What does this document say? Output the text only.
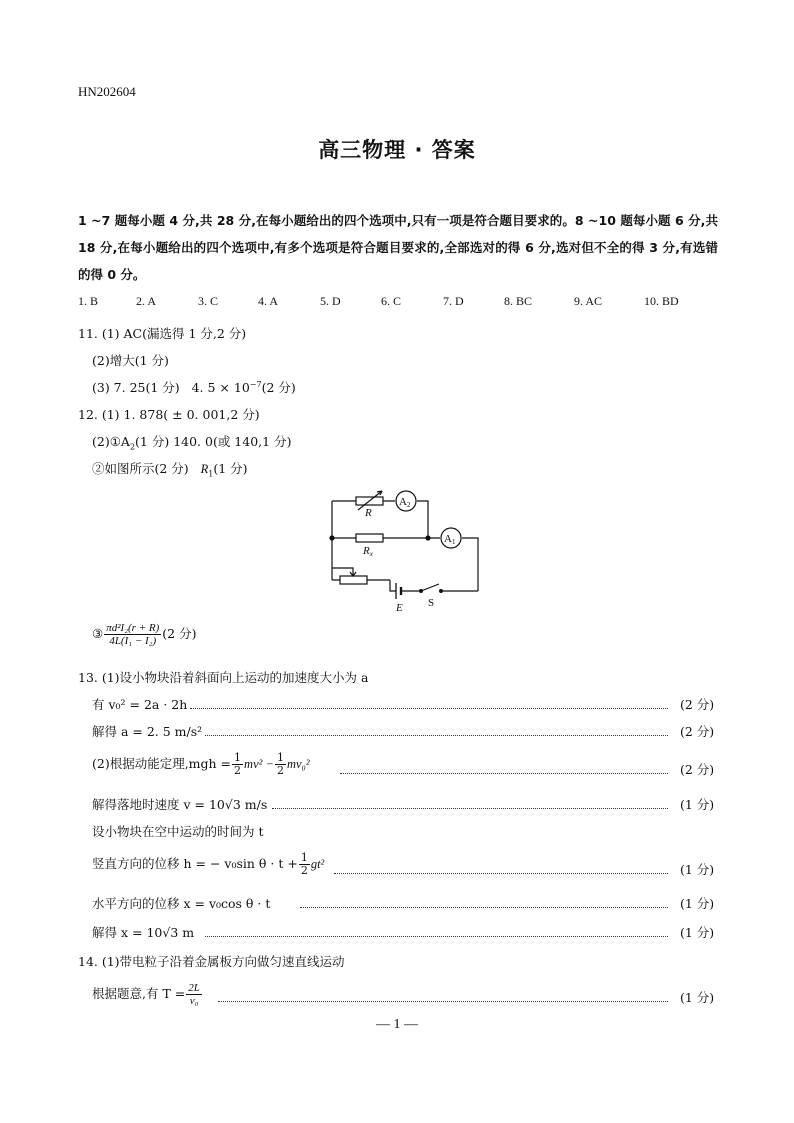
HN202604
高三物理 · 答案
1 ~7 题每小题 4 分,共 28 分,在每小题给出的四个选项中,只有一项是符合题目要求的。8 ~10 题每小题 6 分,共 18 分,在每小题给出的四个选项中,有多个选项是符合题目要求的,全部选对的得 6 分,选对但不全的得 3 分,有选错的得 0 分。
1. B	2. A	3. C	4. A	5. D	6. C	7. D	8. BC	9. AC	10. BD
11. (1) AC(漏选得 1 分,2 分)
(2)增大(1 分)
(3) 7. 25(1 分) 4. $5 \times 10^{-7}(2$ 分)
12. (1) 1. 878( ± 0. 001,2 分)
$(2)①A_2(1$ 分) 140. 0(或 140,1 分)
②如图所示(2 分) $R_1(1$ 分)
R
A2
Rx
A1
E S
③ $\frac{\text{πd²I₂(r + R)}}{\text{4L(I₁ − I₂)}} (2$ 分)
13. (1)设小物块沿着斜面向上运动的加速度大小为 a
有 v₀² = 2a · 2h	(2 分)
解得 a = 2. 5 m/s²	(2 分)
(2)根据动能定理$,mgh = \frac{1}{2} mv^2 - \frac{1}{2} mv_0^2$	(2 分)
解得落地时速度 v = 10√3 m/s	(1 分)
设小物块在空中运动的时间为 t
竖直方向的位移 h = − v₀sin $\theta \cdot t + \frac{1}{2} gt^2$	(1 分)
水平方向的位移 x = v₀cos θ · t	(1 分)
解得 x = 10√3 m	(1 分)
14. (1)带电粒子沿着金属板方向做匀速直线运动
根据题意,有 $T = \frac{2L}{\text{v₀}}$	(1 分)
— 1 —
